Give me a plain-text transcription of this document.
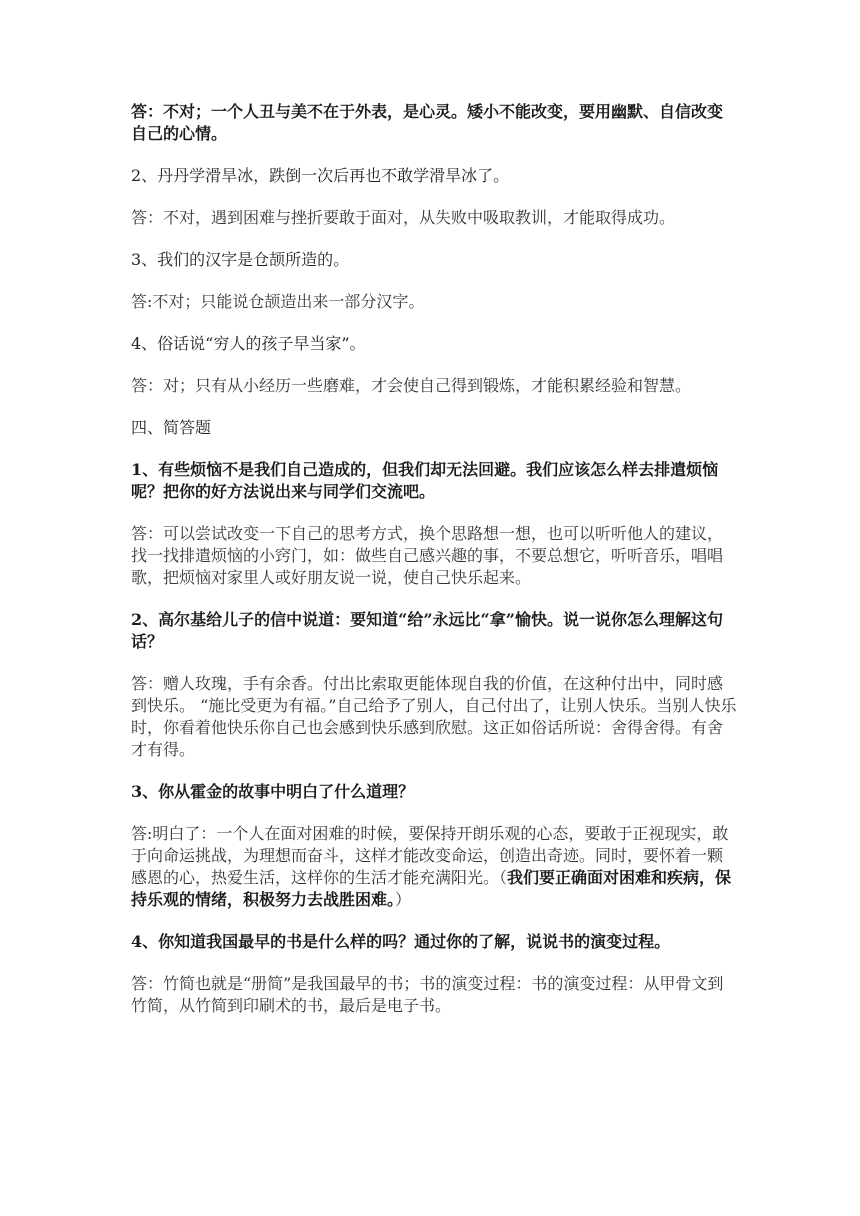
答：不对；一个人丑与美不在于外表，是心灵。矮小不能改变，要用幽默、自信改变自己的心情。

2、丹丹学滑旱冰，跌倒一次后再也不敢学滑旱冰了。

答：不对，遇到困难与挫折要敢于面对，从失败中吸取教训，才能取得成功。

3、我们的汉字是仓颉所造的。

答:不对；只能说仓颉造出来一部分汉字。

4、俗话说“穷人的孩子早当家”。

答：对；只有从小经历一些磨难，才会使自己得到锻炼，才能积累经验和智慧。

四、简答题

1、有些烦恼不是我们自己造成的，但我们却无法回避。我们应该怎么样去排遣烦恼呢？把你的好方法说出来与同学们交流吧。

答：可以尝试改变一下自己的思考方式，换个思路想一想，也可以听听他人的建议，找一找排遣烦恼的小窍门，如：做些自己感兴趣的事，不要总想它，听听音乐，唱唱歌，把烦恼对家里人或好朋友说一说，使自己快乐起来。

2、高尔基给儿子的信中说道：要知道“给”永远比“拿”愉快。说一说你怎么理解这句话？

答：赠人玫瑰，手有余香。付出比索取更能体现自我的价值，在这种付出中，同时感到快乐。 “施比受更为有福。”自己给予了别人，自己付出了，让别人快乐。当别人快乐时，你看着他快乐你自己也会感到快乐感到欣慰。这正如俗话所说：舍得舍得。有舍才有得。

3、你从霍金的故事中明白了什么道理？

答:明白了：一个人在面对困难的时候，要保持开朗乐观的心态，要敢于正视现实，敢于向命运挑战，为理想而奋斗，这样才能改变命运，创造出奇迹。同时，要怀着一颗感恩的心，热爱生活，这样你的生活才能充满阳光。（我们要正确面对困难和疾病，保持乐观的情绪，积极努力去战胜困难。）

4、你知道我国最早的书是什么样的吗？通过你的了解，说说书的演变过程。

答：竹简也就是“册简”是我国最早的书；书的演变过程：书的演变过程：从甲骨文到竹简，从竹简到印刷术的书，最后是电子书。
